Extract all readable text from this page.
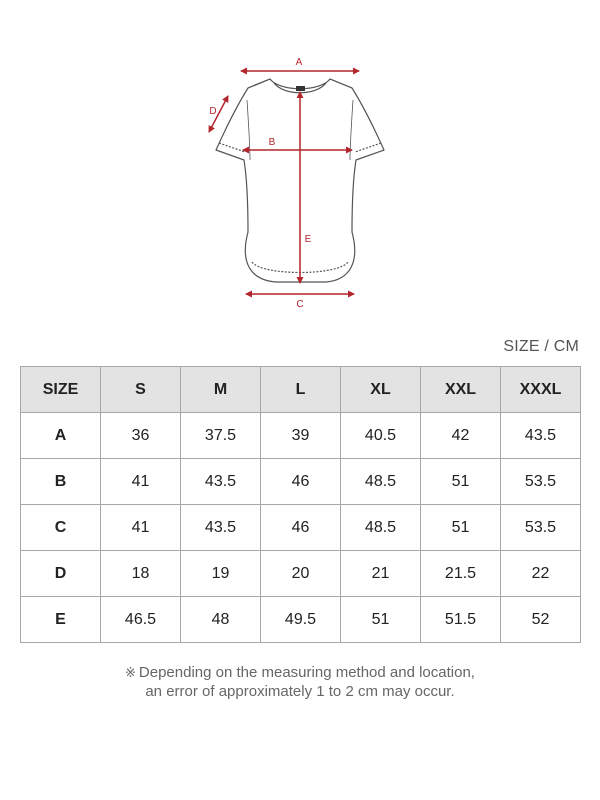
A
B
C
D
E
SIZE / CM
SIZE	S	M	L	XL	XXL	XXXL
A	36	37.5	39	40.5	42	43.5
B	41	43.5	46	48.5	51	53.5
C	41	43.5	46	48.5	51	53.5
D	18	19	20	21	21.5	22
E	46.5	48	49.5	51	51.5	52
※ Depending on the measuring method and location,
an error of approximately 1 to 2 cm may occur.
